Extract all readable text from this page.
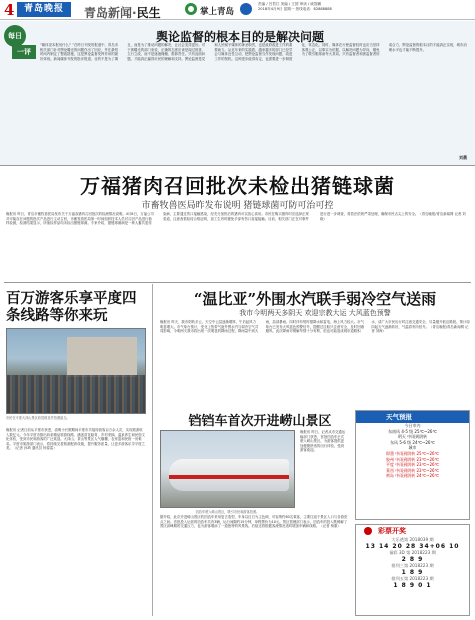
4	青岛晚报	青岛新闻·民生	掌上青岛
责编 / 吕君江 美编 / 王国 审读 / 戚智鹏
2018年4月9日 星期一 热线电话：82888888
每日
一评
舆论监督的根本目的是解决问题
“媒体见本报讯什么？”在昨日刊发的报道中，青岛市相关部门针对舆论曝光的问题作出了回应，并在最短时间内制定了整改措施，这是舆论监督发挥作用的最好体现。新闻媒体刊发的批评报道，目的不是为了揭丑，而是为了推动问题的解决，让社会变得更好。对于被曝光的部门来说，正确的态度应该是闻过则喜、立行立改，而不是遮遮掩掩、推卸责任。只有直面问题，才能真正赢得市民的理解和支持。舆论监督是党和人民赋予媒体的神圣职责，也是政府改进工作的重要助力。从近年来的实践看，越来越多的部门已经学会与媒体良性互动，把舆论监督当作发现问题、改进工作的契机。这种进步值得肯定，也需要进一步制度化、常态化。同时，媒体在行使监督权时也应当坚持客观公正，以事实为依据，以解决问题为导向，避免为了吸引眼球而夸大其词。只有监督者和被监督者形成合力，舆论监督的根本目的才能真正实现，城市治理水平也才能不断提升。
刘晨
万福猪肉召回批次未检出猪链球菌
市畜牧兽医局昨发布说明 猪链球菌可防可治可控
晚报讯 昨日，青岛市畜牧兽医局发布关于万福冻猪肉召回批次的检测情况说明。4月8日，万福公司对可能存在问题的批次产品进行主动召回，市畜牧兽医局第一时间组织技术人员对召回产品进行抽样检测，检测结果显示，所抽检样品均未检出猪链球菌。专家介绍，猪链球菌病是一种人畜共患传染病，主要通过伤口接触感染，经充分加热后的猪肉可以放心食用。市民在购买猪肉时应选择正规渠道，注意查看检疫合格证明，加工生肉时避免手部有伤口直接接触。目前，相关部门正在对事件进行进一步调查，将依法依规严肃处理，确保市民舌尖上的安全。（青岛晚报/青岛新闻网 记者 刘晓）
百万游客乐享平度四条线路等你来玩
市民在平度大泽山景区欣赏桃花并拍照留念。
晚报讯 记者日前从平度市获悉，清明小长假期间平度市共接待游客百万余人次，实现旅游收入数亿元。今年平度市推出四条精品旅游线路，涵盖赏花踏青、乡村采摘、温泉养生和民俗文化体验，受到市民和游客的广泛欢迎。大泽山、茶山等景区人气爆棚，农家宴和民宿一房难求。平度市旅游部门表示，将持续完善旅游配套设施，提升服务质量，让更多游客乐享平度之美。（记者 孙琦 通讯员 杨春雷）
“温比亚”外围水汽联手弱冷空气送雨
我市今明两天多阴天 欢迎宗教大运 大风蓝色预警
晚报讯 昨天，我市阴转多云，天空中云层逐渐增厚，午后起风力明显增大。市气象台预计，受北上热带气旋外围水汽与弱冷空气共同影响，今明两天我市将出现一次明显的降雨过程，降雨量中到大雨，局部暴雨，同时伴有短时强降水和雷电，海上风力较大。市气象台已发布大风蓝色预警信号，提醒过往船只注意安全，及时回港避风。此次降雨对缓解旱情十分有利，但也可能造成城市道路积水，请广大市民出行时注意交通安全，尽量避开低洼路段。预计周四起天气逐渐转好，气温将有所回升。（青岛晚报/青岛新闻网 记者 刘海）
铛铛车首次开进崂山景区
铛铛车驶入崂山景区，吸引市民和游客拍照。
晚报讯 昨日，记者从市交通运输部门获悉，首批铛铛车正式驶入崂山景区，为游客提供更加便捷舒适的出行体验，受到游客欢迎。
据介绍，此次开进崂山景区的铛铛车采用复古造型，车身以红白为主色调，可容纳约60名乘客，主要往返于景区入口与各游览点之间。首批投入运营的铛铛车共有3辆，运行间隔约15分钟，单程票价为10元。景区管理部门表示，铛铛车的投入既缓解了景区高峰期的交通压力，也为游客增添了一道独特的风景线。后续还将根据客流情况适时增加车辆和线路。（记者 杨康）
天气预报
今日市内
东南风 4-5 级 25℃~26℃
明天 中雨到阴转
东风 5-6 级 24℃~26℃
城市
即墨 中雨到阴转 25℃~26℃
胶州 中雨到阴转 23℃~26℃
平度 中雨到阴转 23℃~26℃
莱西 中雨到阴转 23℃~26℃
黄岛 中雨到阴转 24℃~26℃
彩票开奖
大乐透第 2018039 期
13 14 20 28 34+06 10
福彩 3D 第 2018223 期
2 8 9
排列三第 2018223 期
1 8 9
排列五第 2018223 期
1 8 9 0 1
